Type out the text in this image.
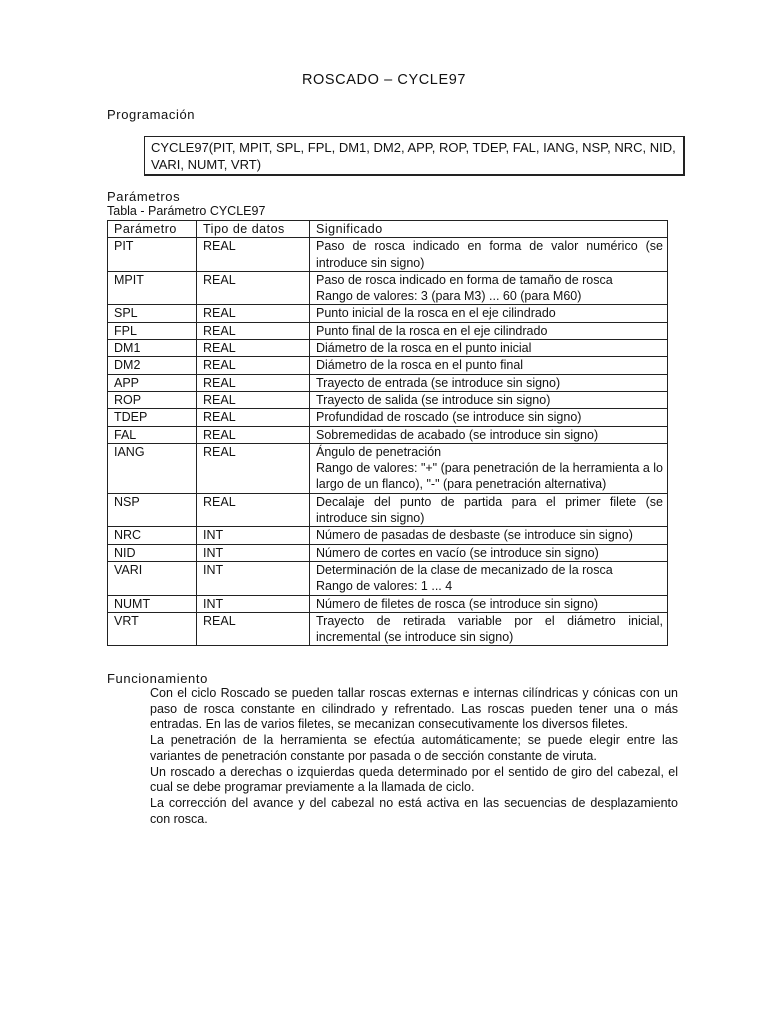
ROSCADO – CYCLE97
Programación
CYCLE97(PIT, MPIT, SPL, FPL, DM1, DM2, APP, ROP, TDEP, FAL, IANG, NSP, NRC, NID, VARI, NUMT, VRT)
Parámetros
Tabla - Parámetro CYCLE97
Parámetro	Tipo de datos	Significado
PIT	REAL	Paso de rosca indicado en forma de valor numérico (se introduce sin signo)

MPIT	REAL	Paso de rosca indicado en forma de tamaño de rosca
Rango de valores: 3 (para M3) ... 60 (para M60)

SPL	REAL	Punto inicial de la rosca en el eje cilindrado

FPL	REAL	Punto final de la rosca en el eje cilindrado

DM1	REAL	Diámetro de la rosca en el punto inicial

DM2	REAL	Diámetro de la rosca en el punto final

APP	REAL	Trayecto de entrada (se introduce sin signo)

ROP	REAL	Trayecto de salida (se introduce sin signo)

TDEP	REAL	Profundidad de roscado (se introduce sin signo)

FAL	REAL	Sobremedidas de acabado (se introduce sin signo)

IANG	REAL	Ángulo de penetración
Rango de valores: "+" (para penetración de la herramienta a lo largo de un flanco), "-" (para penetración alternativa)

NSP	REAL	Decalaje del punto de partida para el primer filete (se introduce sin signo)

NRC	INT	Número de pasadas de desbaste (se introduce sin signo)

NID	INT	Número de cortes en vacío (se introduce sin signo)

VARI	INT	Determinación de la clase de mecanizado de la rosca
Rango de valores: 1 ... 4

NUMT	INT	Número de filetes de rosca (se introduce sin signo)

VRT	REAL	Trayecto de retirada variable por el diámetro inicial, incremental (se introduce sin signo)
Funcionamiento

Con el ciclo Roscado se pueden tallar roscas externas e internas cilíndricas y cónicas con un paso de rosca constante en cilindrado y refrentado. Las roscas pueden tener una o más entradas. En las de varios filetes, se mecanizan consecutivamente los diversos filetes.

La penetración de la herramienta se efectúa automáticamente; se puede elegir entre las variantes de penetración constante por pasada o de sección constante de viruta.

Un roscado a derechas o izquierdas queda determinado por el sentido de giro del cabezal, el cual se debe programar previamente a la llamada de ciclo.

La corrección del avance y del cabezal no está activa en las secuencias de desplazamiento con rosca.
